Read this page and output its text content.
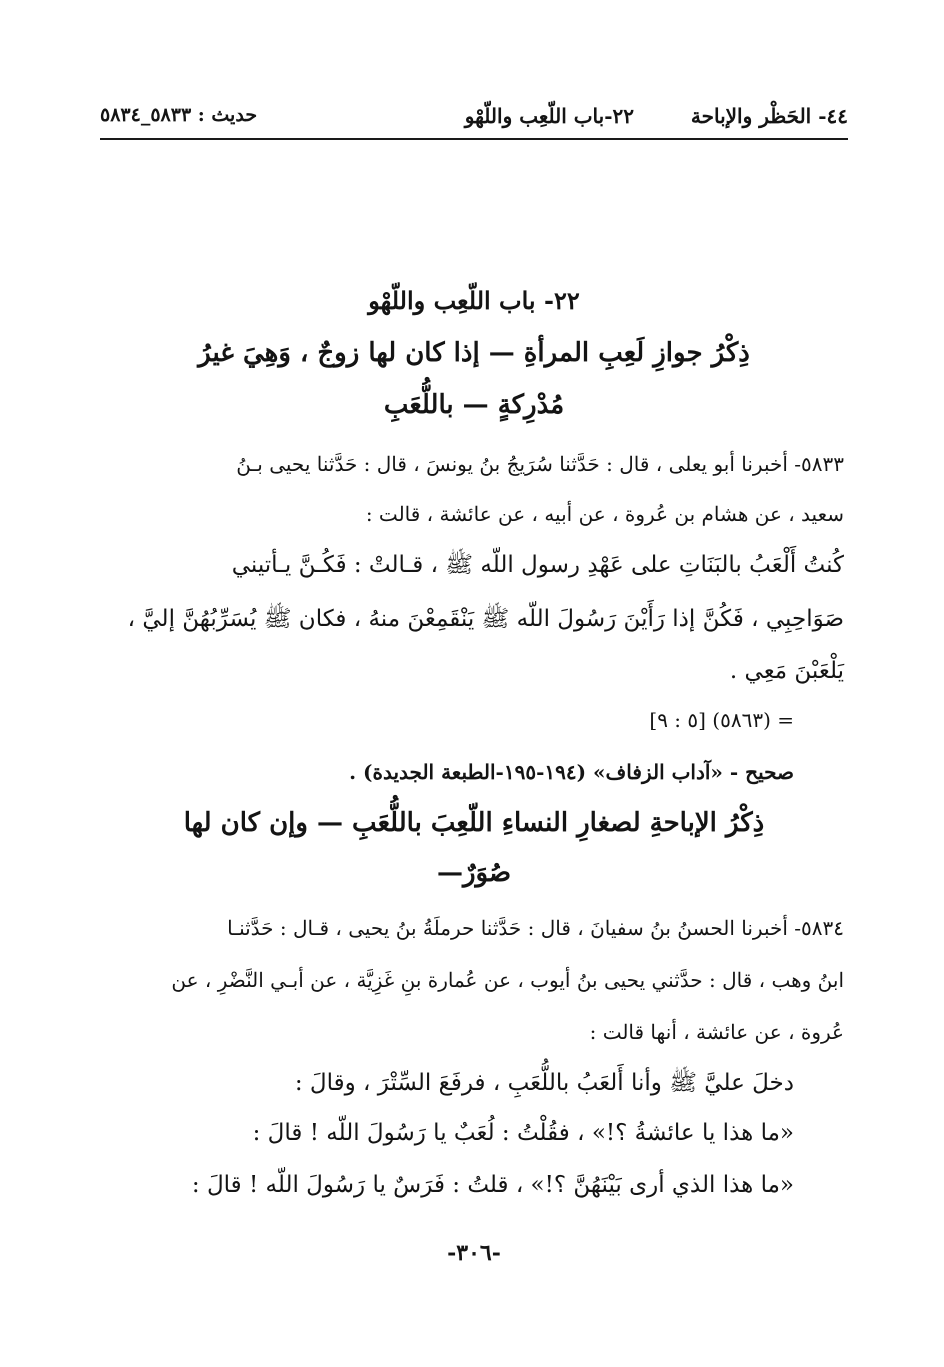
٤٤- الحَظْر والإباحة
٢٢-باب اللّعِب واللّهْو
حديث : ٥٨٣٣_٥٨٣٤
٢٢- باب اللّعِب واللّهْو
ذِكْرُ جوازِ لَعِبِ المرأةِ — إذا كان لها زوجٌ ، وَهِيَ غيرُ
مُدْرِكةٍ — باللُّعَبِ
٥٨٣٣- أخبرنا أبو يعلى ، قال : حَدَّثنا سُرَيجُ بنُ يونسَ ، قال : حَدَّثنا يحيى بـنُ
سعيد ، عن هشام بن عُروة ، عن أبيه ، عن عائشة ، قالت :
كُنتُ أَلْعَبُ بالبَنَاتِ على عَهْدِ رسول اللّه ﷺ ، قـالتْ : فَكُـنَّ يـأتيني
صَوَاحِبِي ، فَكُنَّ إذا رَأَيْنَ رَسُولَ اللّه ﷺ يَنْقَمِعْنَ منهُ ، فكان ﷺ يُسَرِّبُهُنَّ إليَّ ،
يَلْعَبْنَ مَعِي .
= (٥٨٦٣) [٥ : ٩]
صحيح - «آداب الزفاف» (١٩٤-١٩٥-الطبعة الجديدة) .
ذِكْرُ الإباحةِ لصغارِ النساءِ اللّعِبَ باللُّعَبِ — وإن كان لها
صُوَرٌ—
٥٨٣٤- أخبرنا الحسنُ بنُ سفيانَ ، قال : حَدَّثنا حرملَةُ بنُ يحيى ، قـال : حَدَّثنـا
ابنُ وهب ، قال : حدَّثني يحيى بنُ أيوب ، عن عُمارة بنِ غَزِيَّة ، عن أبـي النَّضْرِ ، عن
عُروة ، عن عائشة ، أنها قالت :
دخلَ عليَّ ﷺ وأنا أَلعَبُ باللُّعَبِ ، فرفَعَ السِّتْرَ ، وقالَ :
«ما هذا يا عائشةُ ؟!» ، فقُلْتُ : لُعَبٌ يا رَسُولَ اللّه ! قالَ :
«ما هذا الذي أرى بَيْنَهُنَّ ؟!» ، قلتُ : فَرَسٌ يا رَسُولَ اللّه ! قالَ :
-٣٠٦-
